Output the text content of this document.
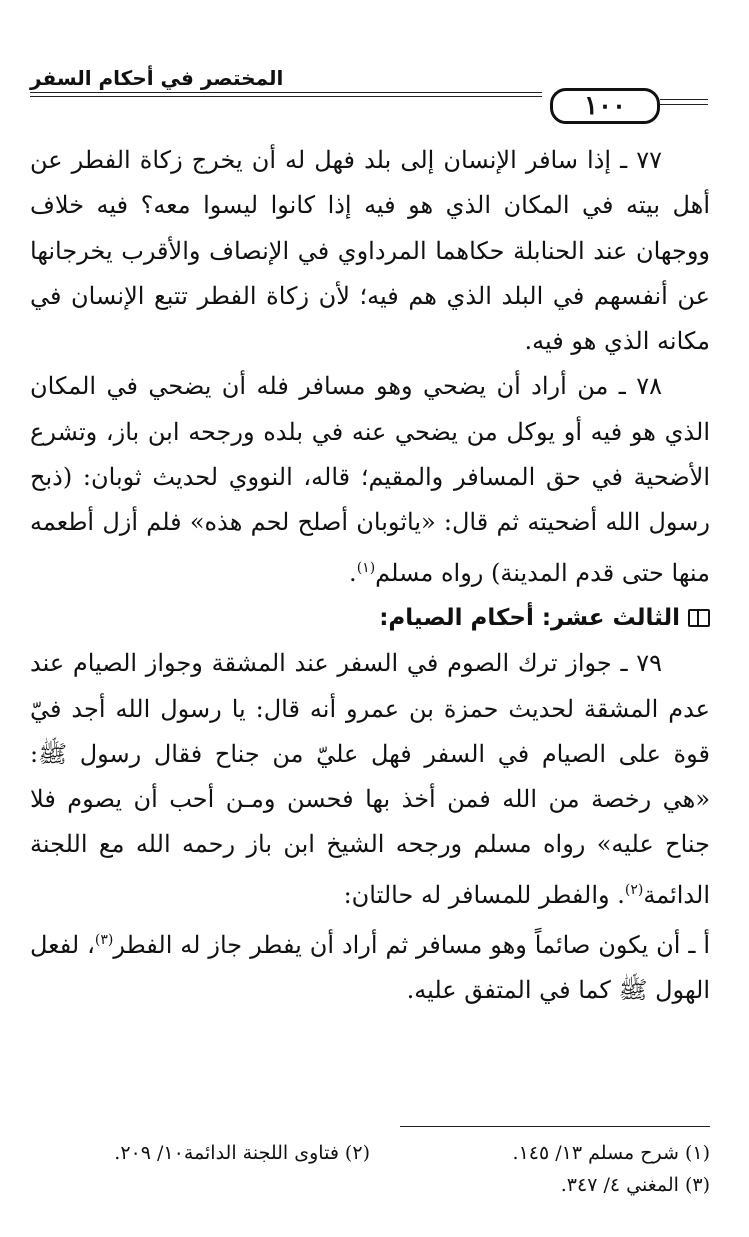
المختصر في أحكام السفر
١٠٠

٧٧ ـ إذا سافر الإنسان إلى بلد فهل له أن يخرج زكاة الفطر عن أهل بيته في المكان الذي هو فيه إذا كانوا ليسوا معه؟ فيه خلاف ووجهان عند الحنابلة حكاهما المرداوي في الإنصاف والأقرب يخرجانها عن أنفسهم في البلد الذي هم فيه؛ لأن زكاة الفطر تتبع الإنسان في مكانه الذي هو فيه.

٧٨ ـ من أراد أن يضحي وهو مسافر فله أن يضحي في المكان الذي هو فيه أو يوكل من يضحي عنه في بلده ورجحه ابن باز، وتشرع الأضحية في حق المسافر والمقيم؛ قاله، النووي لحديث ثوبان: (ذبح رسول الله أضحيته ثم قال: «ياثوبان أصلح لحم هذه» فلم أزل أطعمه منها حتى قدم المدينة) رواه مسلم$^{(١)}$.

الثالث عشر: أحكام الصيام:

٧٩ ـ جواز ترك الصوم في السفر عند المشقة وجواز الصيام عند عدم المشقة لحديث حمزة بن عمرو أنه قال: يا رسول الله أجد فيّ قوة على الصيام في السفر فهل عليّ من جناح فقال رسول ﷺ: «هي رخصة من الله فمن أخذ بها فحسن ومـن أحب أن يصوم فلا جناح عليه» رواه مسلم ورجحه الشيخ ابن باز رحمه الله مع اللجنة الدائمة$^{(٢)}$. والفطر للمسافر له حالتان:

أ ـ أن يكون صائماً وهو مسافر ثم أراد أن يفطر جاز له الفطر$^{(٣)}$، لفعل الهول ﷺ كما في المتفق عليه.

(١) شرح مسلم ١٣/ ١٤٥.
(٢) فتاوى اللجنة الدائمة١٠/ ٢٠٩.
(٣) المغني ٤/ ٣٤٧.
